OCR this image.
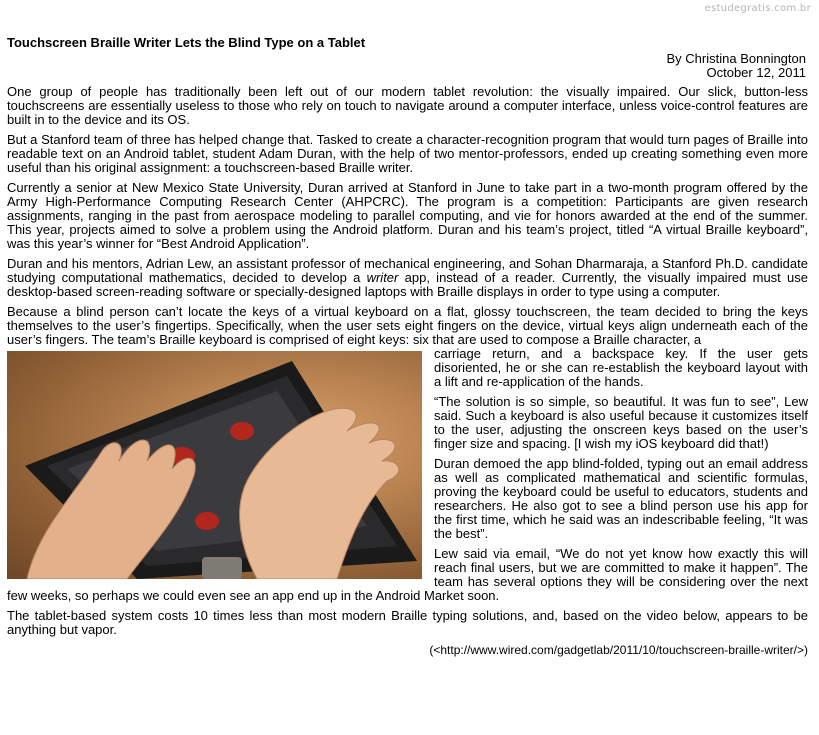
estudegratis.com.br
Touchscreen Braille Writer Lets the Blind Type on a Tablet
By Christina Bonnington
October 12, 2011

One group of people has traditionally been left out of our modern tablet revolution: the visually impaired. Our slick, button-less touchscreens are essentially useless to those who rely on touch to navigate around a computer interface, unless voice-control features are built in to the device and its OS.

But a Stanford team of three has helped change that. Tasked to create a character-recognition program that would turn pages of Braille into readable text on an Android tablet, student Adam Duran, with the help of two mentor-professors, ended up creating something even more useful than his original assignment: a touchscreen-based Braille writer.

Currently a senior at New Mexico State University, Duran arrived at Stanford in June to take part in a two-month program offered by the Army High-Performance Computing Research Center (AHPCRC). The program is a competition: Participants are given research assignments, ranging in the past from aerospace modeling to parallel computing, and vie for honors awarded at the end of the summer. This year, projects aimed to solve a problem using the Android platform. Duran and his team’s project, titled “A virtual Braille keyboard”, was this year’s winner for “Best Android Application”.

Duran and his mentors, Adrian Lew, an assistant professor of mechanical engineering, and Sohan Dharmaraja, a Stanford Ph.D. candidate studying computational mathematics, decided to develop a writer app, instead of a reader. Currently, the visually impaired must use desktop-based screen-reading software or specially-designed laptops with Braille displays in order to type using a computer.

Because a blind person can’t locate the keys of a virtual keyboard on a flat, glossy touchscreen, the team decided to bring the keys themselves to the user’s fingertips. Specifically, when the user sets eight fingers on the device, virtual keys align underneath each of the user’s fingers. The team’s Braille keyboard is comprised of eight keys: six that are used to compose a Braille character, a

carriage return, and a backspace key. If the user gets disoriented, he or she can re-establish the keyboard layout with a lift and re-application of the hands.

“The solution is so simple, so beautiful. It was fun to see”, Lew said. Such a keyboard is also useful because it customizes itself to the user, adjusting the onscreen keys based on the user’s finger size and spacing. [I wish my iOS keyboard did that!)

Duran demoed the app blind-folded, typing out an email address as well as complicated mathematical and scientific formulas, proving the keyboard could be useful to educators, students and researchers. He also got to see a blind person use his app for the first time, which he said was an indescribable feeling, “It was the best”.

Lew said via email, “We do not yet know how exactly this will reach final users, but we are committed to make it happen”. The team has several options they will be considering over the next few weeks, so perhaps we could even see an app end up in the Android Market soon.

The tablet-based system costs 10 times less than most modern Braille typing solutions, and, based on the video below, appears to be anything but vapor.

(<http://www.wired.com/gadgetlab/2011/10/touchscreen-braille-writer/>)
